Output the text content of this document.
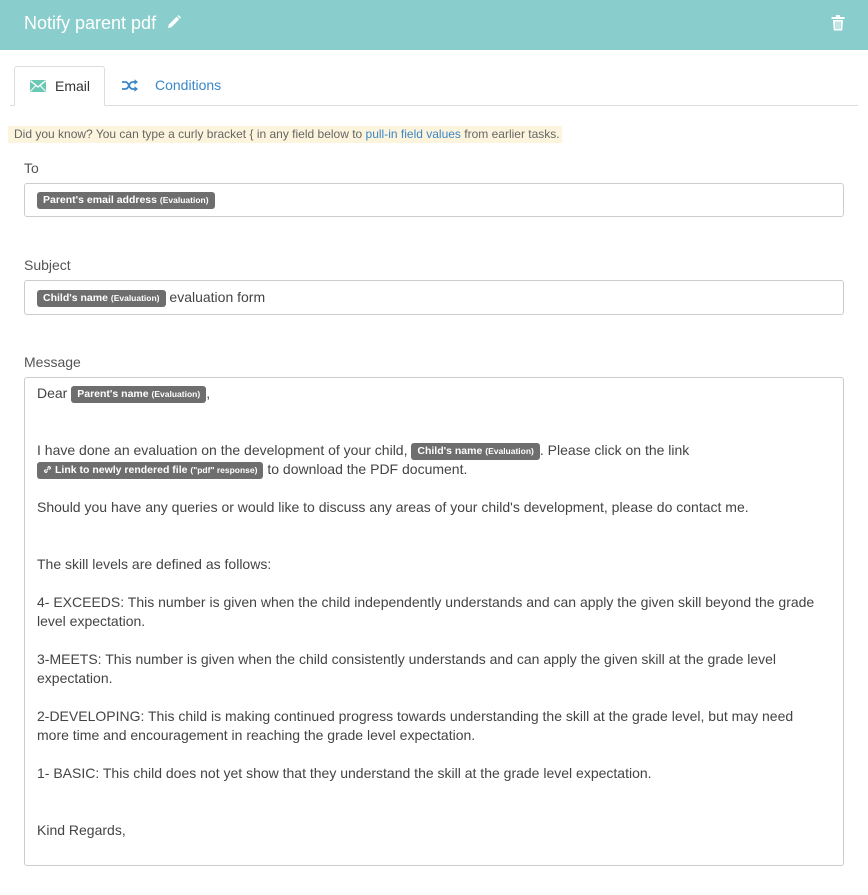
Notify parent pdf
Email	Conditions
Did you know? You can type a curly bracket { in any field below to pull-in field values from earlier tasks.
To
Parent's email address (Evaluation)
Subject
Child's name (Evaluation) evaluation form
Message
Dear Parent's name (Evaluation) ,
I have done an evaluation on the development of your child, Child's name (Evaluation) . Please click on the link
Link to newly rendered file ("pdf" response) to download the PDF document.
Should you have any queries or would like to discuss any areas of your child's development, please do contact me.
The skill levels are defined as follows:
4- EXCEEDS: This number is given when the child independently understands and can apply the given skill beyond the grade
level expectation.
3-MEETS: This number is given when the child consistently understands and can apply the given skill at the grade level
expectation.
2-DEVELOPING: This child is making continued progress towards understanding the skill at the grade level, but may need
more time and encouragement in reaching the grade level expectation.
1- BASIC: This child does not yet show that they understand the skill at the grade level expectation.
Kind Regards,
